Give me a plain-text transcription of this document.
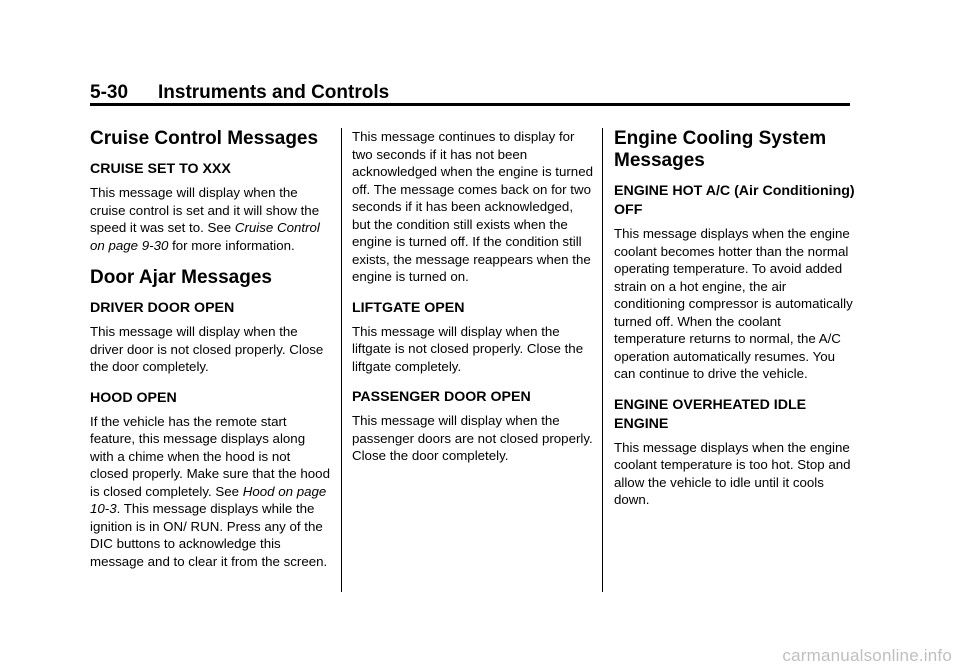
5-30 Instruments and Controls
Cruise Control Messages
CRUISE SET TO XXX

This message will display when the cruise control is set and it will show the speed it was set to. See Cruise Control on page 9-30 for more information.

Door Ajar Messages
DRIVER DOOR OPEN

This message will display when the driver door is not closed properly. Close the door completely.

HOOD OPEN

If the vehicle has the remote start feature, this message displays along with a chime when the hood is not closed properly. Make sure that the hood is closed completely. See Hood on page 10-3. This message displays while the ignition is in ON/ RUN. Press any of the DIC buttons to acknowledge this message and to clear it from the screen.

This message continues to display for two seconds if it has not been acknowledged when the engine is turned off. The message comes back on for two seconds if it has been acknowledged, but the condition still exists when the engine is turned off. If the condition still exists, the message reappears when the engine is turned on.

LIFTGATE OPEN

This message will display when the liftgate is not closed properly. Close the liftgate completely.

PASSENGER DOOR OPEN

This message will display when the passenger doors are not closed properly. Close the door completely.

Engine Cooling System Messages
ENGINE HOT A/C (Air Conditioning) OFF

This message displays when the engine coolant becomes hotter than the normal operating temperature. To avoid added strain on a hot engine, the air conditioning compressor is automatically turned off. When the coolant temperature returns to normal, the A/C operation automatically resumes. You can continue to drive the vehicle.

ENGINE OVERHEATED IDLE ENGINE

This message displays when the engine coolant temperature is too hot. Stop and allow the vehicle to idle until it cools down.

carmanualsonline.info
